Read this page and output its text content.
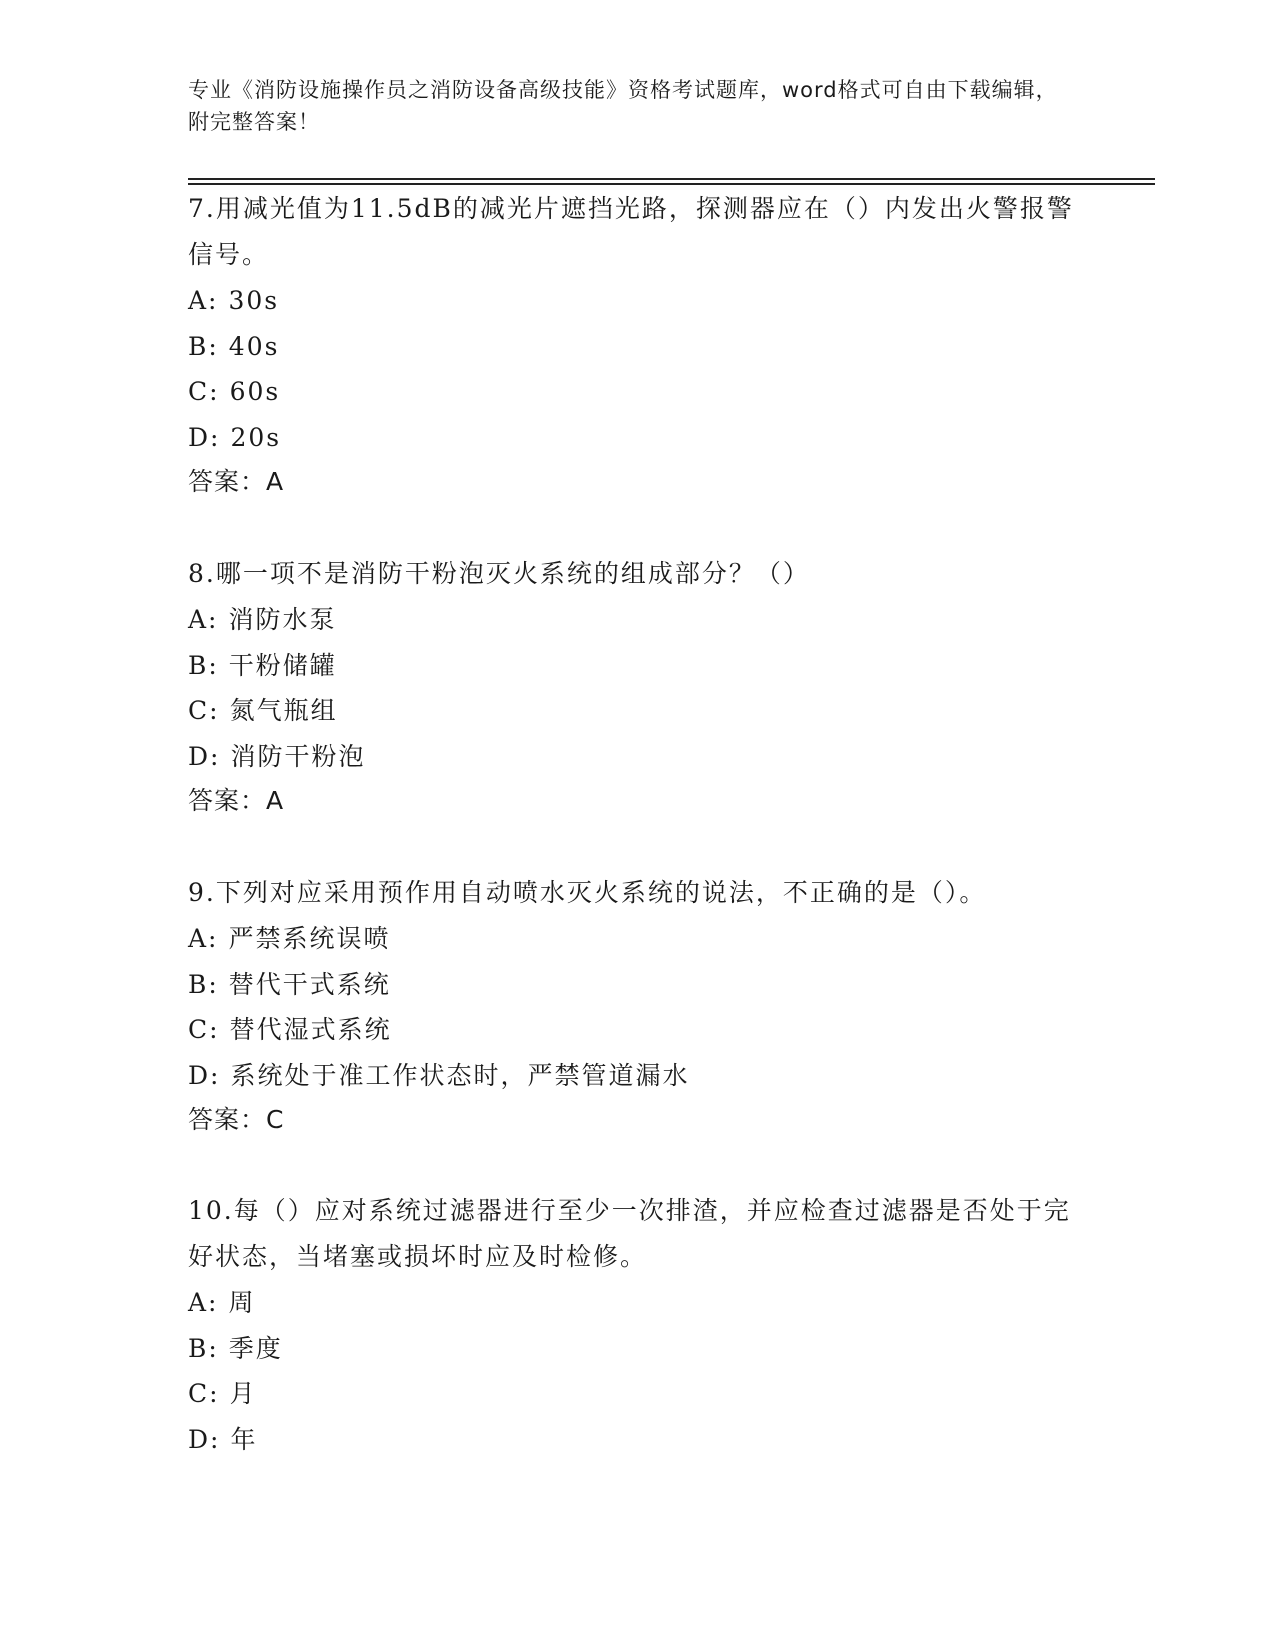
专业《消防设施操作员之消防设备高级技能》资格考试题库，word格式可自由下载编辑，附完整答案！

7.用减光值为11.5dB的减光片遮挡光路，探测器应在（）内发出火警报警信号。

A: 30s

B: 40s

C: 60s

D: 20s

答案：A

8.哪一项不是消防干粉泡灭火系统的组成部分？（）

A: 消防水泵

B: 干粉储罐

C: 氮气瓶组

D: 消防干粉泡

答案：A

9.下列对应采用预作用自动喷水灭火系统的说法，不正确的是（）。

A: 严禁系统误喷

B: 替代干式系统

C: 替代湿式系统

D: 系统处于准工作状态时，严禁管道漏水

答案：C

10.每（）应对系统过滤器进行至少一次排渣，并应检查过滤器是否处于完好状态，当堵塞或损坏时应及时检修。

A: 周

B: 季度

C: 月

D: 年
